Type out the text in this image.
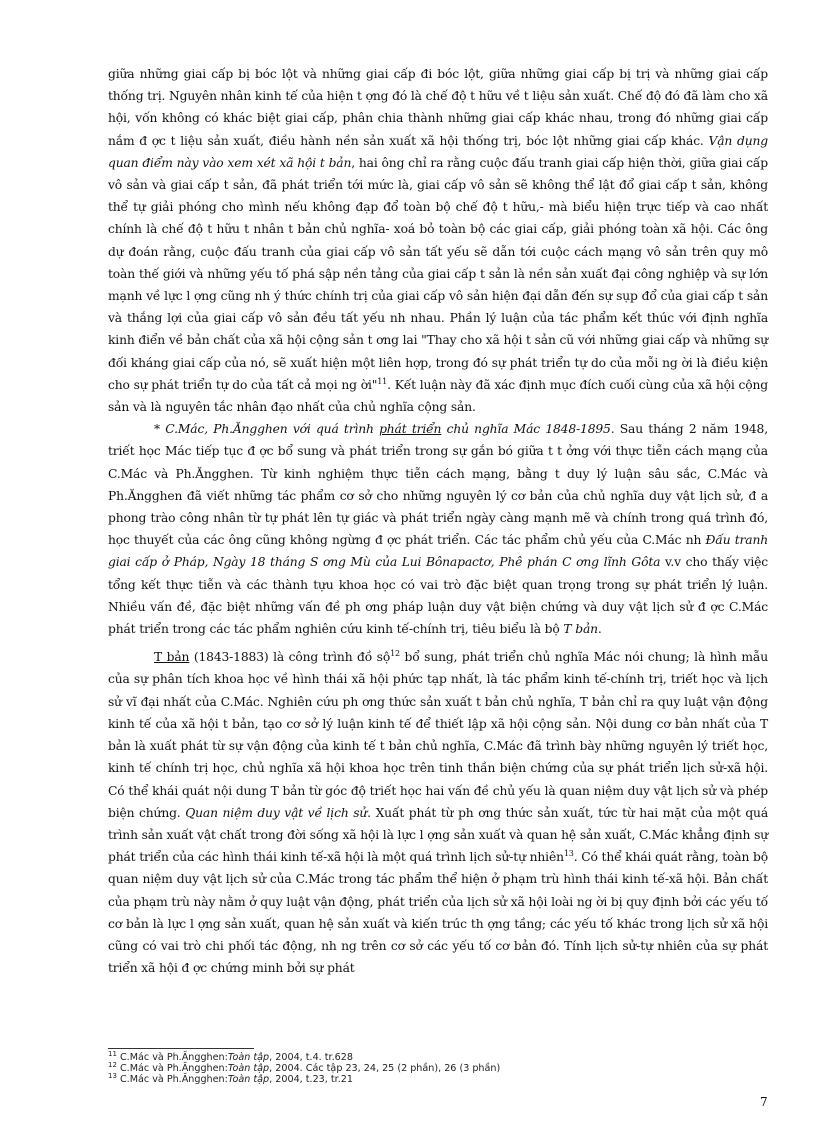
giữa những giai cấp bị bóc lột và những giai cấp đi bóc lột, giữa những giai cấp bị trị và những giai cấp thống trị. Nguyên nhân kinh tế của hiện t ợng đó là chế độ t hữu về t liệu sản xuất. Chế độ đó đã làm cho xã hội, vốn không có khác biệt giai cấp, phân chia thành những giai cấp khác nhau, trong đó những giai cấp nắm đ ợc t liệu sản xuất, điều hành nền sản xuất xã hội thống trị, bóc lột những giai cấp khác. Vận dụng quan điểm này vào xem xét xã hội t bản, hai ông chỉ ra rằng cuộc đấu tranh giai cấp hiện thời, giữa giai cấp vô sản và giai cấp t sản, đã phát triển tới mức là, giai cấp vô sản sẽ không thể lật đổ giai cấp t sản, không thể tự giải phóng cho mình nếu không đạp đổ toàn bộ chế độ t hữu,- mà biểu hiện trực tiếp và cao nhất chính là chế độ t hữu t nhân t bản chủ nghĩa- xoá bỏ toàn bộ các giai cấp, giải phóng toàn xã hội. Các ông dự đoán rằng, cuộc đấu tranh của giai cấp vô sản tất yếu sẽ dẫn tới cuộc cách mạng vô sản trên quy mô toàn thế giới và những yếu tố phá sập nền tảng của giai cấp t sản là nền sản xuất đại công nghiệp và sự lớn mạnh về lực l ợng cũng nh ý thức chính trị của giai cấp vô sản hiện đại dẫn đến sự sụp đổ của giai cấp t sản và thắng lợi của giai cấp vô sản đều tất yếu nh nhau. Phần lý luận của tác phẩm kết thúc với định nghĩa kinh điển về bản chất của xã hội cộng sản t ơng lai "Thay cho xã hội t sản cũ với những giai cấp và những sự đối kháng giai cấp của nó, sẽ xuất hiện một liên hợp, trong đó sự phát triển tự do của mỗi ng ời là điều kiện cho sự phát triển tự do của tất cả mọi ng ời"$^{11}$. Kết luận này đã xác định mục đích cuối cùng của xã hội cộng sản và là nguyên tắc nhân đạo nhất của chủ nghĩa cộng sản.

* C.Mác, Ph.Ăngghen với quá trình phát triển chủ nghĩa Mác 1848-1895. Sau tháng 2 năm 1948, triết học Mác tiếp tục đ ợc bổ sung và phát triển trong sự gắn bó giữa t t ởng với thực tiễn cách mạng của C.Mác và Ph.Ăngghen. Từ kinh nghiệm thực tiễn cách mạng, bằng t duy lý luận sâu sắc, C.Mác và Ph.Ăngghen đã viết những tác phẩm cơ sở cho những nguyên lý cơ bản của chủ nghĩa duy vật lịch sử, đ a phong trào công nhân từ tự phát lên tự giác và phát triển ngày càng mạnh mẽ và chính trong quá trình đó, học thuyết của các ông cũng không ngừng đ ợc phát triển. Các tác phẩm chủ yếu của C.Mác nh Đấu tranh giai cấp ở Pháp, Ngày 18 tháng S ơng Mù của Lui Bônapactơ, Phê phán C ơng lĩnh Gôta v.v cho thấy việc tổng kết thực tiễn và các thành tựu khoa học có vai trò đặc biệt quan trọng trong sự phát triển lý luận. Nhiều vấn đề, đặc biệt những vấn đề ph ơng pháp luận duy vật biện chứng và duy vật lịch sử đ ợc C.Mác phát triển trong các tác phẩm nghiên cứu kinh tế-chính trị, tiêu biểu là bộ T bản.

T bản (1843-1883) là công trình đồ sộ$^{12}$ bổ sung, phát triển chủ nghĩa Mác nói chung; là hình mẫu của sự phân tích khoa học về hình thái xã hội phức tạp nhất, là tác phẩm kinh tế-chính trị, triết học và lịch sử vĩ đại nhất của C.Mác. Nghiên cứu ph ơng thức sản xuất t bản chủ nghĩa, T bản chỉ ra quy luật vận động kinh tế của xã hội t bản, tạo cơ sở lý luận kinh tế để thiết lập xã hội cộng sản. Nội dung cơ bản nhất của T bản là xuất phát từ sự vận động của kinh tế t bản chủ nghĩa, C.Mác đã trình bày những nguyên lý triết học, kinh tế chính trị học, chủ nghĩa xã hội khoa học trên tinh thần biện chứng của sự phát triển lịch sử-xã hội. Có thể khái quát nội dung T bản từ góc độ triết học hai vấn đề chủ yếu là quan niệm duy vật lịch sử và phép biện chứng. Quan niệm duy vật về lịch sử. Xuất phát từ ph ơng thức sản xuất, tức từ hai mặt của một quá trình sản xuất vật chất trong đời sống xã hội là lực l ợng sản xuất và quan hệ sản xuất, C.Mác khẳng định sự phát triển của các hình thái kinh tế-xã hội là một quá trình lịch sử-tự nhiên$^{13}$. Có thể khái quát rằng, toàn bộ quan niệm duy vật lịch sử của C.Mác trong tác phẩm thể hiện ở phạm trù hình thái kinh tế-xã hội. Bản chất của phạm trù này nằm ở quy luật vận động, phát triển của lịch sử xã hội loài ng ời bị quy định bởi các yếu tố cơ bản là lực l ợng sản xuất, quan hệ sản xuất và kiến trúc th ợng tầng; các yếu tố khác trong lịch sử xã hội cũng có vai trò chi phối tác động, nh ng trên cơ sở các yếu tố cơ bản đó. Tính lịch sử-tự nhiên của sự phát triển xã hội đ ợc chứng minh bởi sự phát

$^{11}$ C.Mác và Ph.Ăngghen:Toàn tập, 2004, t.4. tr.628
$^{12}$ C.Mác và Ph.Ăngghen:Toàn tập, 2004. Các tập 23, 24, 25 (2 phần), 26 (3 phần)
$^{13}$ C.Mác và Ph.Ăngghen:Toàn tập, 2004, t.23, tr.21
7
